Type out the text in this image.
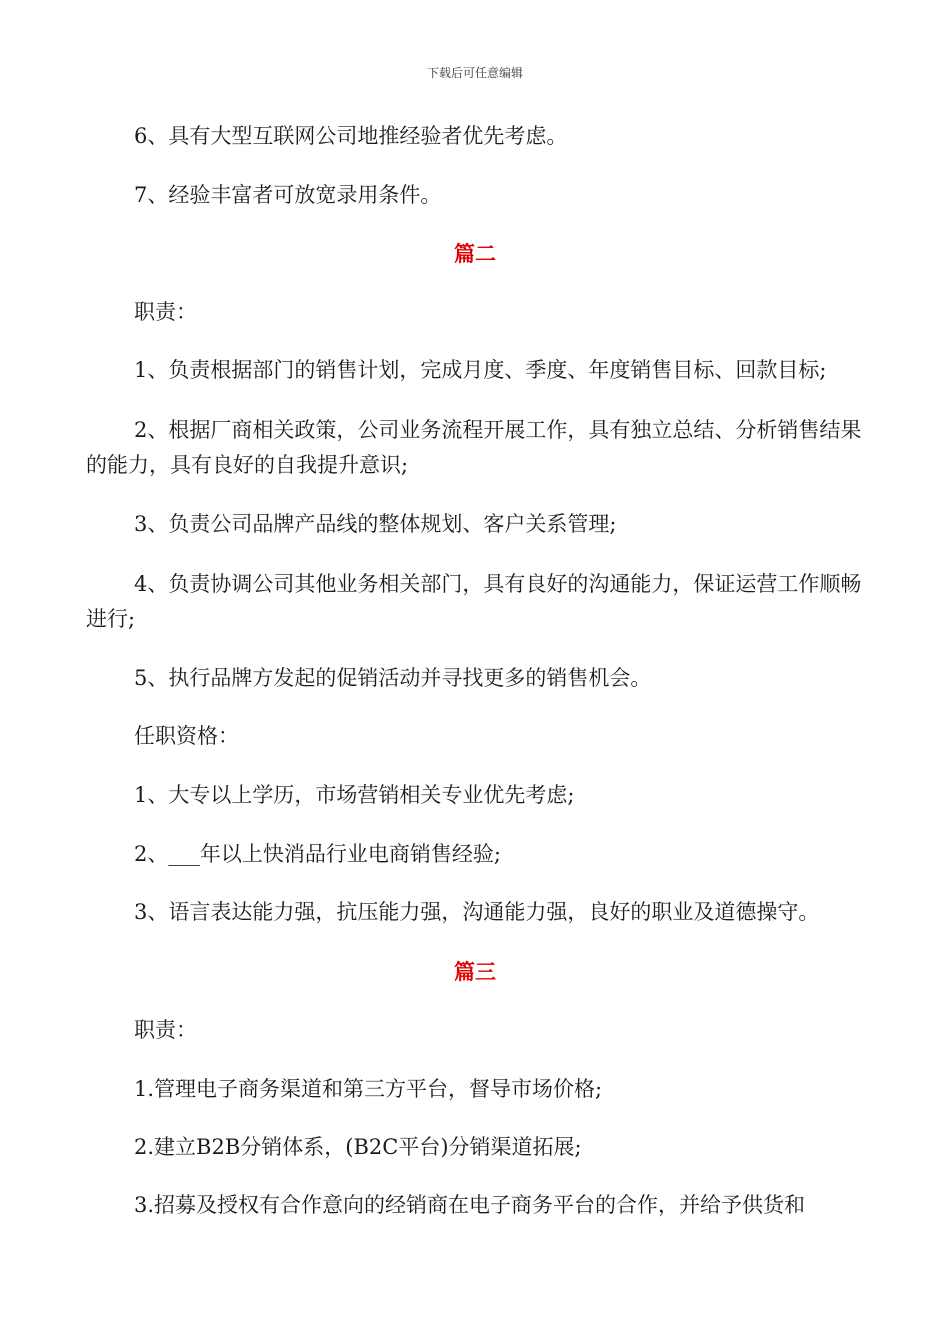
下载后可任意编辑
6、具有大型互联网公司地推经验者优先考虑。
7、经验丰富者可放宽录用条件。
篇二
职责：
1、负责根据部门的销售计划，完成月度、季度、年度销售目标、回款目标;
2、根据厂商相关政策，公司业务流程开展工作，具有独立总结、分析销售结果的能力，具有良好的自我提升意识;
3、负责公司品牌产品线的整体规划、客户关系管理;
4、负责协调公司其他业务相关部门，具有良好的沟通能力，保证运营工作顺畅进行;
5、执行品牌方发起的促销活动并寻找更多的销售机会。
任职资格：
1、大专以上学历，市场营销相关专业优先考虑;
2、___年以上快消品行业电商销售经验;
3、语言表达能力强，抗压能力强，沟通能力强，良好的职业及道德操守。
篇三
职责：
1.管理电子商务渠道和第三方平台，督导市场价格;
2.建立B2B分销体系，(B2C平台)分销渠道拓展;
3.招募及授权有合作意向的经销商在电子商务平台的合作，并给予供货和
